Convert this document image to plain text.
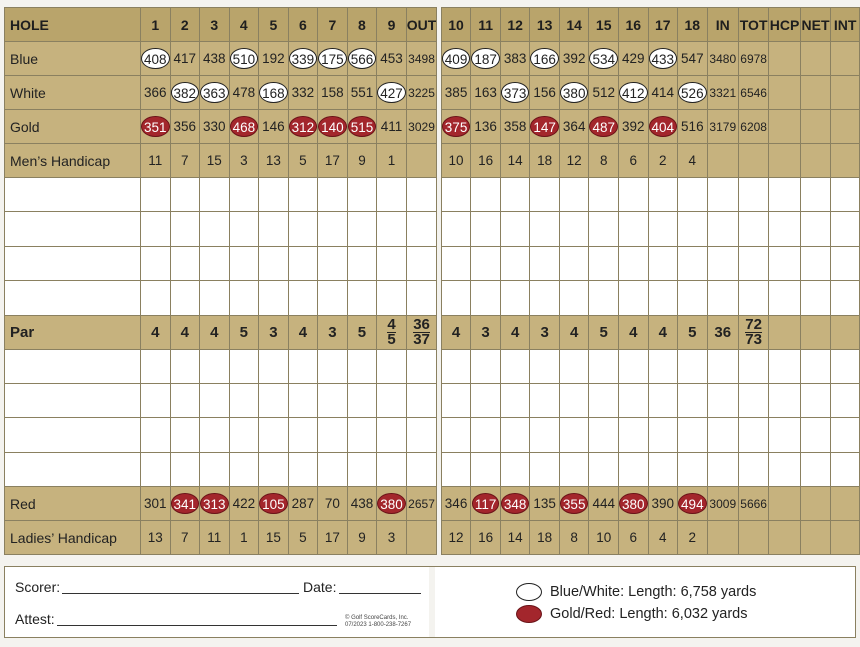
HOLE	1	2	3	4	5	6	7	8	9	OUT		10	11	12	13	14	15	16	17	18	IN	TOT	HCP	NET	INT
Blue	408	417	438	510	192	339	175	566	453	3498		409	187	383	166	392	534	429	433	547	3480	6978			
White	366	382	363	478	168	332	158	551	427	3225		385	163	373	156	380	512	412	414	526	3321	6546			
Gold	351	356	330	468	146	312	140	515	411	3029		375	136	358	147	364	487	392	404	516	3179	6208			
Men’s Handicap	11	7	15	3	13	5	17	9	1			10	16	14	18	12	8	6	2	4					

Par	4	4	4	5	3	4	3	5	$\frac{4}{5}$	$\frac{36}{37}$		4	3	4	3	4	5	4	4	5	36	$\frac{72}{73}$

Red	301	341	313	422	105	287	70	438	380	2657		346	117	348	135	355	444	380	390	494	3009	5666			
Ladies’ Handicap	13	7	11	1	15	5	17	9	3			12	16	14	18	8	10	6	4	2					
Scorer:	Date:
Attest:	© Golf ScoreCards, Inc.
07/2023 1-800-238-7267
Blue/White: Length: 6,758 yards
Gold/Red: Length: 6,032 yards
